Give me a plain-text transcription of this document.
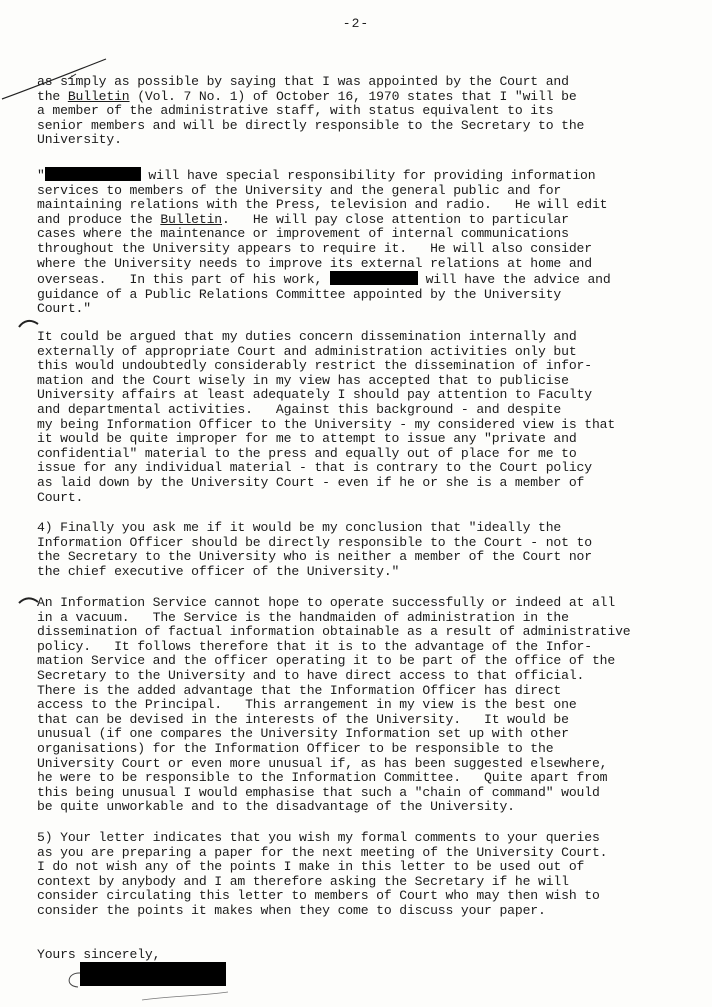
-2-

as simply as possible by saying that I was appointed by the Court and
the Bulletin (Vol. 7 No. 1) of October 16, 1970 states that I "will be
a member of the administrative staff, with status equivalent to its
senior members and will be directly responsible to the Secretary to the
University.

"	will have special responsibility for providing information
services to members of the University and the general public and for
maintaining relations with the Press, television and radio.   He will edit
and produce the Bulletin.   He will pay close attention to particular
cases where the maintenance or improvement of internal communications
throughout the University appears to require it.   He will also consider
where the University needs to improve its external relations at home and
overseas.   In this part of his work,	will have the advice and
guidance of a Public Relations Committee appointed by the University
Court."

It could be argued that my duties concern dissemination internally and
externally of appropriate Court and administration activities only but
this would undoubtedly considerably restrict the dissemination of infor-
mation and the Court wisely in my view has accepted that to publicise
University affairs at least adequately I should pay attention to Faculty
and departmental activities.   Against this background - and despite
my being Information Officer to the University - my considered view is that
it would be quite improper for me to attempt to issue any "private and
confidential" material to the press and equally out of place for me to
issue for any individual material - that is contrary to the Court policy
as laid down by the University Court - even if he or she is a member of
Court.

4) Finally you ask me if it would be my conclusion that "ideally the
Information Officer should be directly responsible to the Court - not to
the Secretary to the University who is neither a member of the Court nor
the chief executive officer of the University."

An Information Service cannot hope to operate successfully or indeed at all
in a vacuum.   The Service is the handmaiden of administration in the
dissemination of factual information obtainable as a result of administrative
policy.   It follows therefore that it is to the advantage of the Infor-
mation Service and the officer operating it to be part of the office of the
Secretary to the University and to have direct access to that official.
There is the added advantage that the Information Officer has direct
access to the Principal.   This arrangement in my view is the best one
that can be devised in the interests of the University.   It would be
unusual (if one compares the University Information set up with other
organisations) for the Information Officer to be responsible to the
University Court or even more unusual if, as has been suggested elsewhere,
he were to be responsible to the Information Committee.   Quite apart from
this being unusual I would emphasise that such a "chain of command" would
be quite unworkable and to the disadvantage of the University.

5) Your letter indicates that you wish my formal comments to your queries
as you are preparing a paper for the next meeting of the University Court.
I do not wish any of the points I make in this letter to be used out of
context by anybody and I am therefore asking the Secretary if he will
consider circulating this letter to members of Court who may then wish to
consider the points it makes when they come to discuss your paper.

Yours sincerely,
